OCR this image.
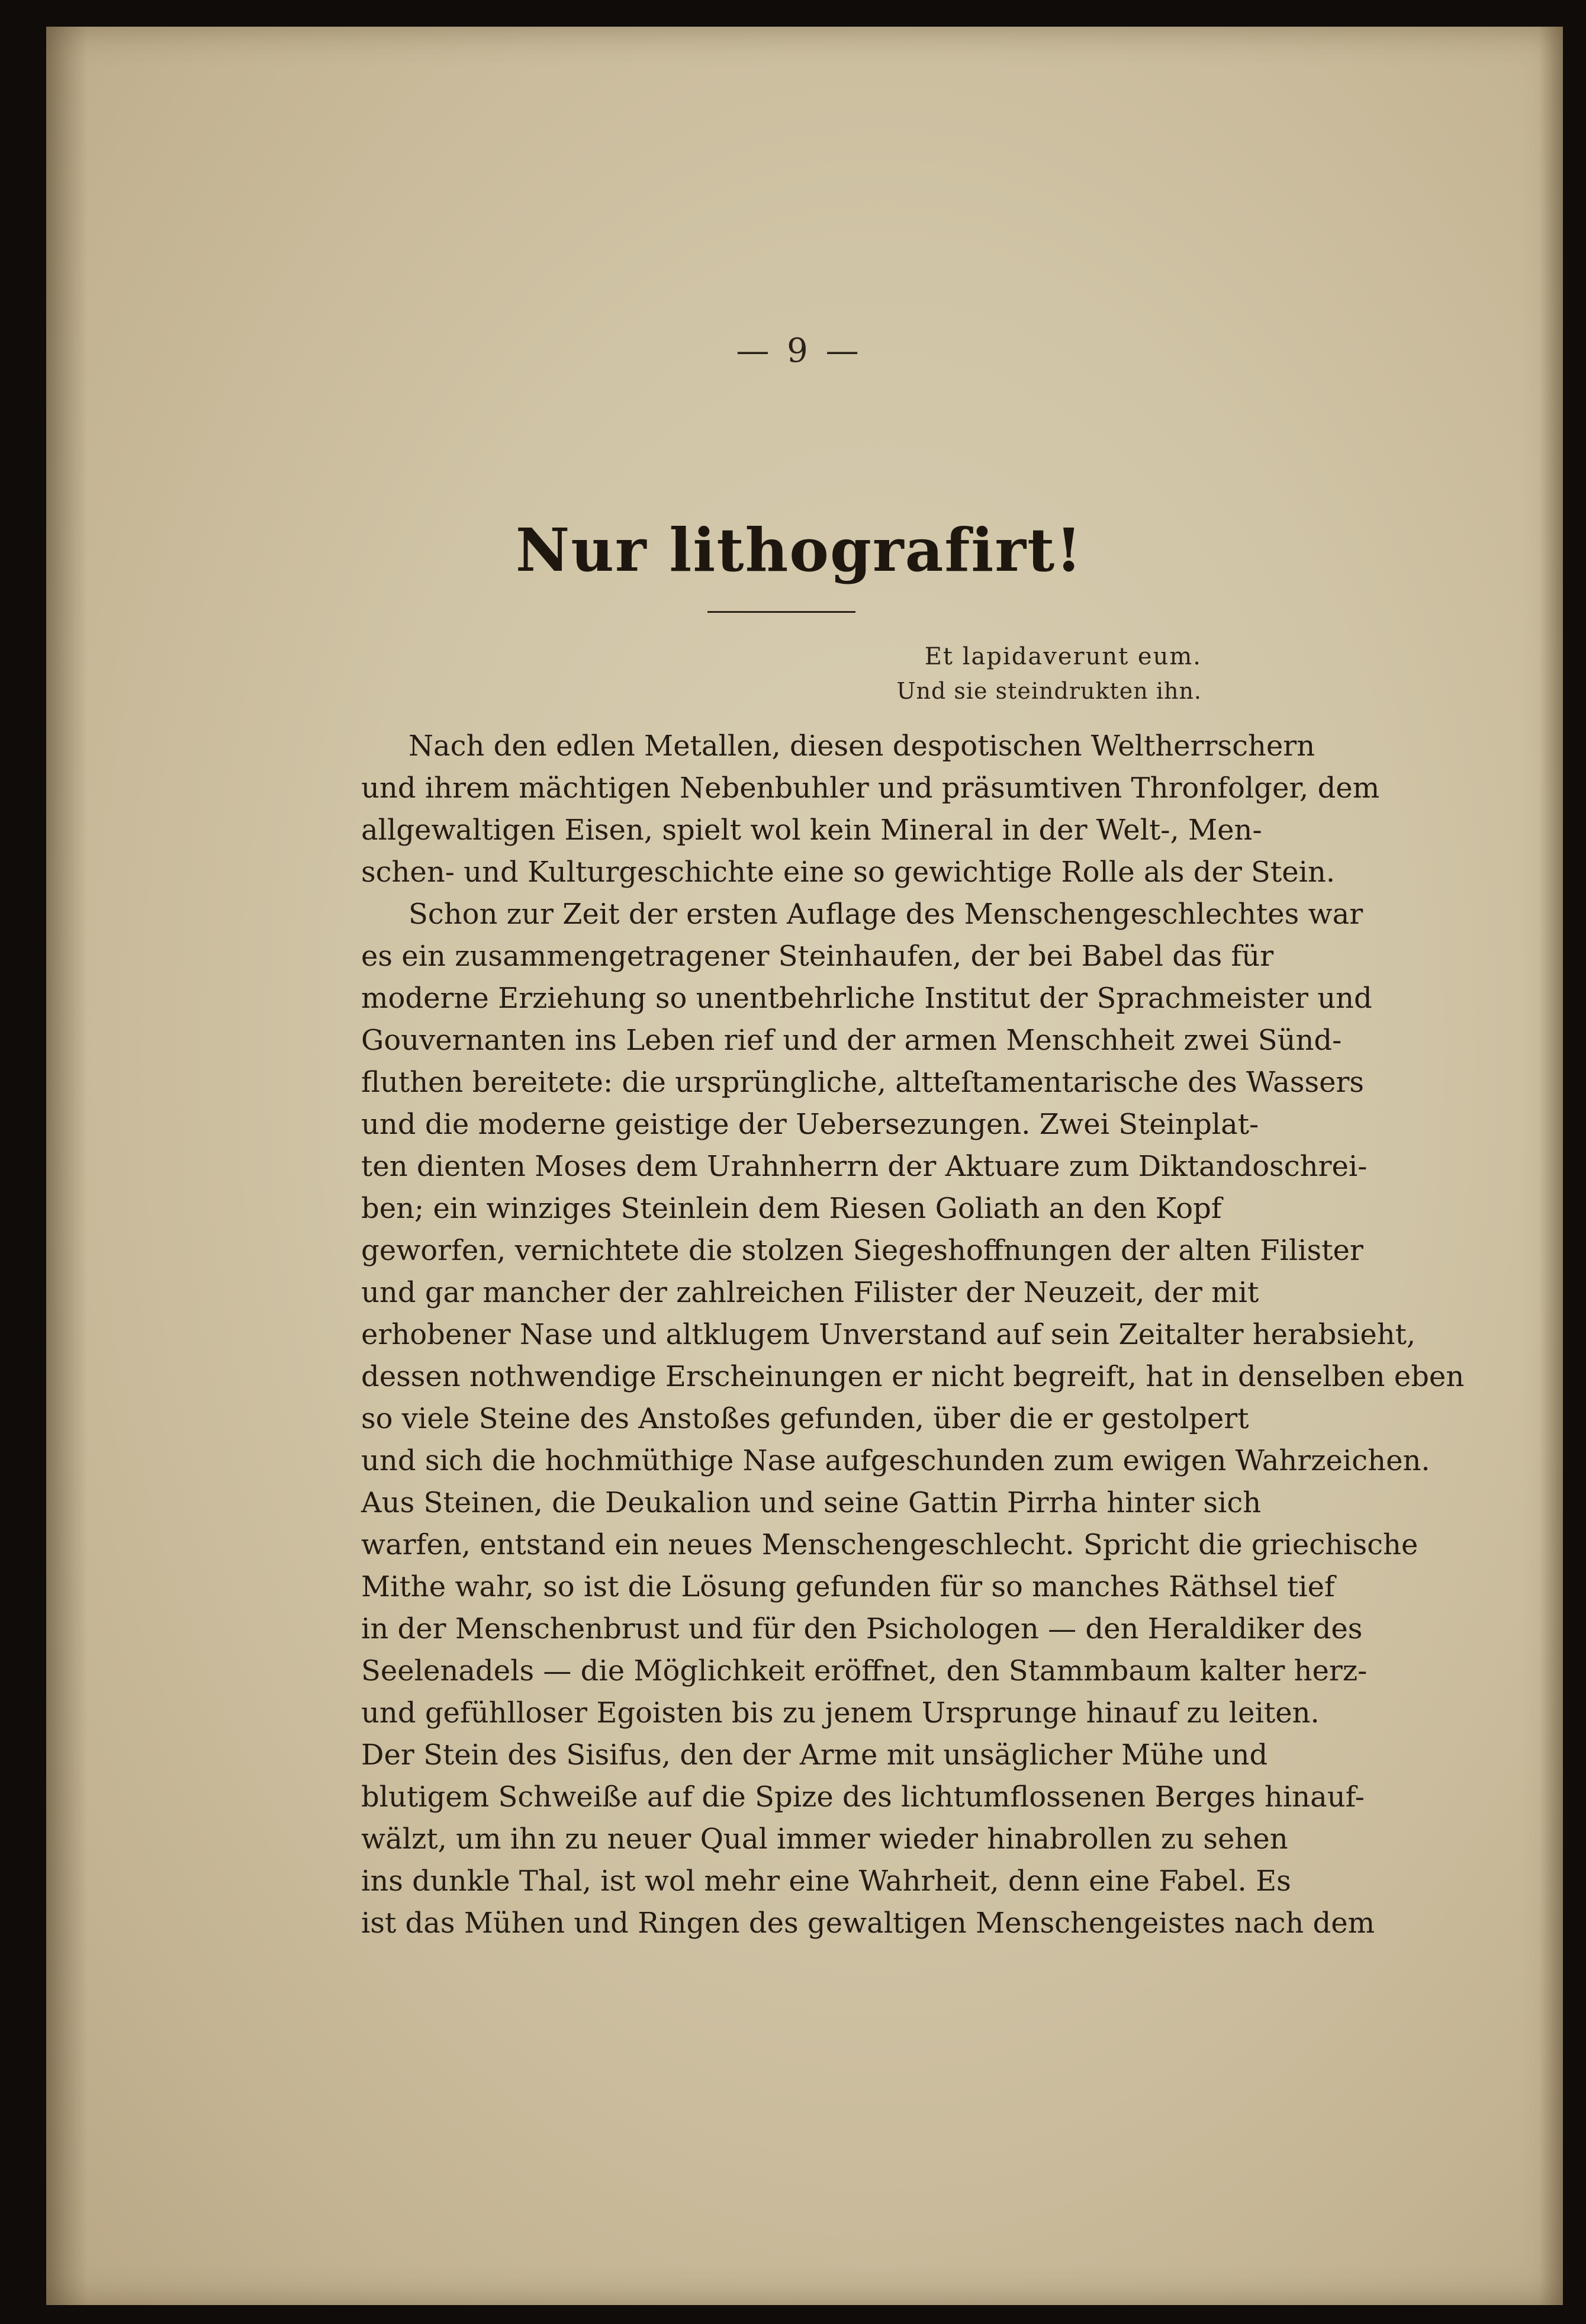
— 9 —
Nur lithografirt!
Et lapidaverunt eum.
Und sie steindrukten ihn.
Nach den edlen Metallen, diesen despotischen Weltherrschern
und ihrem mächtigen Nebenbuhler und präsumtiven Thronfolger, dem
allgewaltigen Eisen, spielt wol kein Mineral in der Welt-, Men-
schen- und Kulturgeschichte eine so gewichtige Rolle als der Stein.
Schon zur Zeit der ersten Auflage des Menschengeschlechtes war
es ein zusammengetragener Steinhaufen, der bei Babel das für
moderne Erziehung so unentbehrliche Institut der Sprachmeister und
Gouvernanten ins Leben rief und der armen Menschheit zwei Sünd-
fluthen bereitete: die ursprüngliche, altteſtamentarische des Wassers
und die moderne geistige der Uebersezungen. Zwei Steinplat-
ten dienten Moses dem Urahnherrn der Aktuare zum Diktandoschrei-
ben; ein winziges Steinlein dem Riesen Goliath an den Kopf
geworfen, vernichtete die stolzen Siegeshoffnungen der alten Filister
und gar mancher der zahlreichen Filister der Neuzeit, der mit
erhobener Nase und altklugem Unverstand auf sein Zeitalter herabsieht,
dessen nothwendige Erscheinungen er nicht begreift, hat in denselben eben
so viele Steine des Anstoßes gefunden, über die er gestolpert
und sich die hochmüthige Nase aufgeschunden zum ewigen Wahrzeichen.
Aus Steinen, die Deukalion und seine Gattin Pirrha hinter sich
warfen, entstand ein neues Menschengeschlecht. Spricht die griechische
Mithe wahr, so ist die Lösung gefunden für so manches Räthsel tief
in der Menschenbrust und für den Psichologen — den Heraldiker des
Seelenadels — die Möglichkeit eröffnet, den Stammbaum kalter herz-
und gefühlloser Egoisten bis zu jenem Ursprunge hinauf zu leiten.
Der Stein des Sisifus, den der Arme mit unsäglicher Mühe und
blutigem Schweiße auf die Spize des lichtumflossenen Berges hinauf-
wälzt, um ihn zu neuer Qual immer wieder hinabrollen zu sehen
ins dunkle Thal, ist wol mehr eine Wahrheit, denn eine Fabel. Es
ist das Mühen und Ringen des gewaltigen Menschengeistes nach dem
